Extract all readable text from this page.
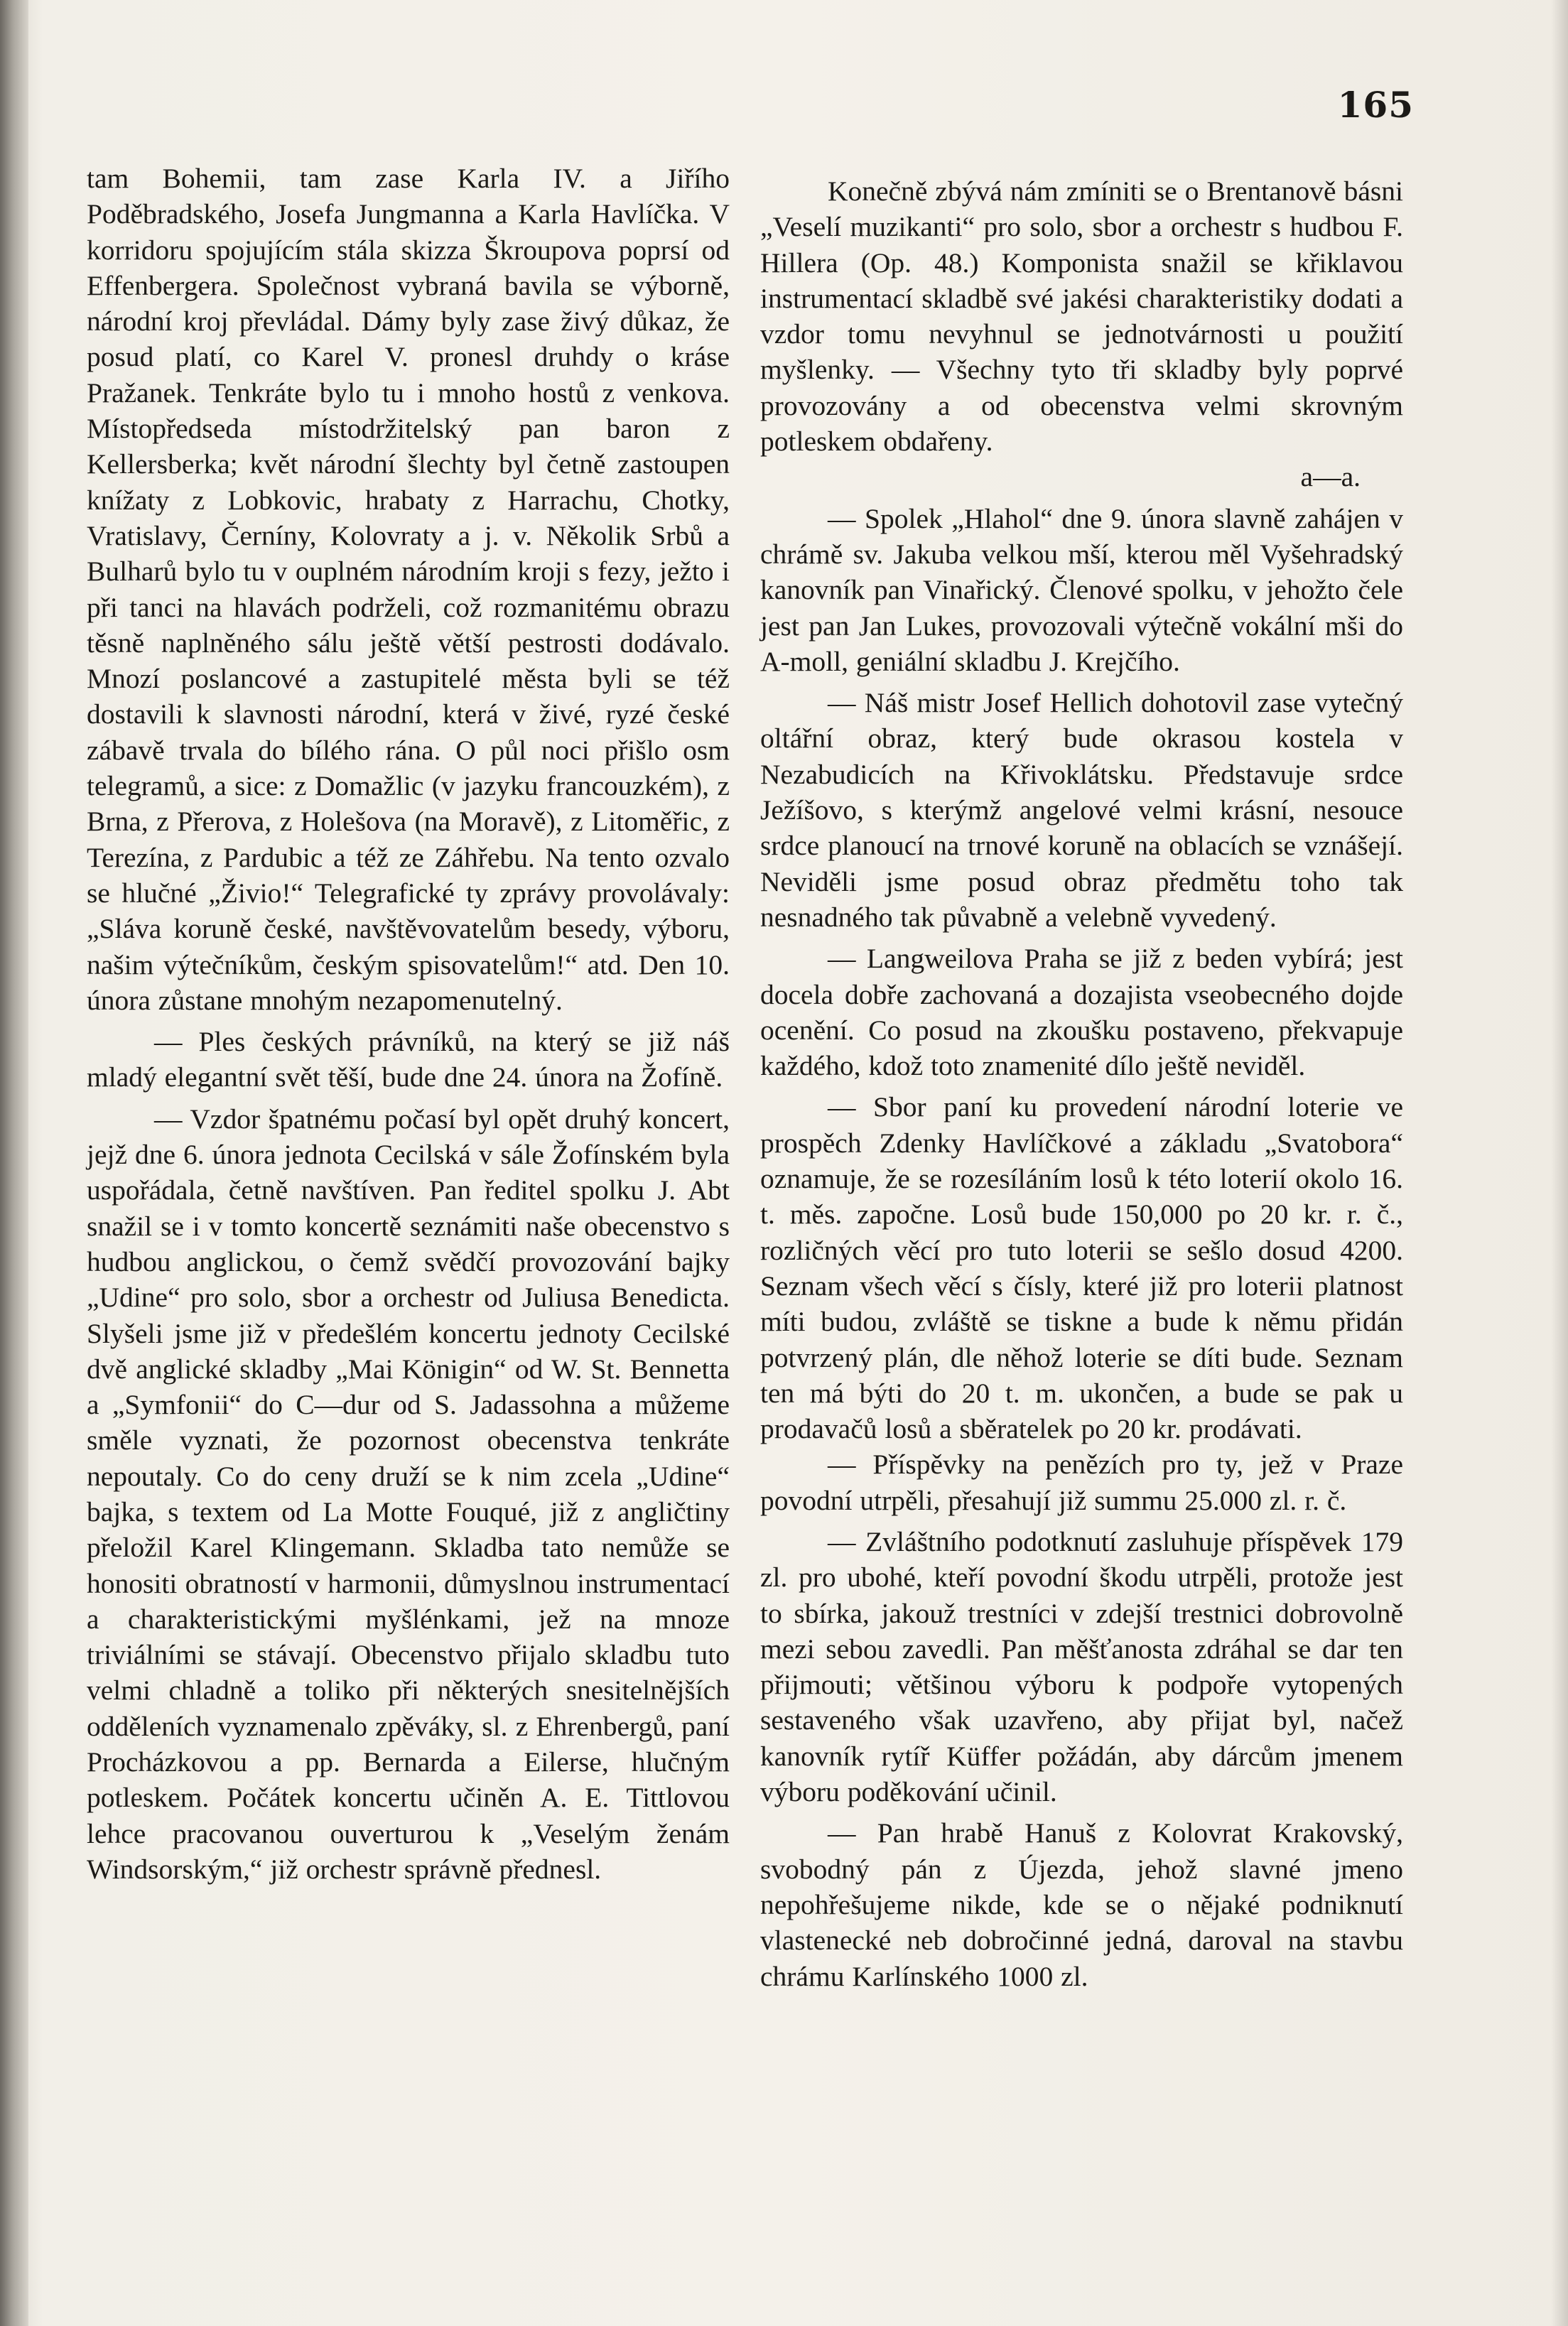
165

tam Bohemii, tam zase Karla IV. a Jiřího Poděbradského, Josefa Jungmanna a Karla Havlíčka. V korridoru spojujícím stála skizza Škroupova poprsí od Effenbergera. Společnost vybraná bavila se výborně, národní kroj převládal. Dámy byly zase živý důkaz, že posud platí, co Karel V. pronesl druhdy o kráse Pražanek. Tenkráte bylo tu i mnoho hostů z venkova. Místopředseda místodržitelský pan baron z Kellersberka; květ národní šlechty byl četně zastoupen knížaty z Lobkovic, hrabaty z Harrachu, Chotky, Vratislavy, Černíny, Kolovraty a j. v. Několik Srbů a Bulharů bylo tu v ouplném národním kroji s fezy, ježto i při tanci na hlavách podrželi, což rozmanitému obrazu těsně naplněného sálu ještě větší pestrosti dodávalo. Mnozí poslancové a zastupitelé města byli se též dostavili k slavnosti národní, která v živé, ryzé české zábavě trvala do bílého rána. O půl noci přišlo osm telegramů, a sice: z Domažlic (v jazyku francouzkém), z Brna, z Přerova, z Holešova (na Moravě), z Litoměřic, z Terezína, z Pardubic a též ze Záhřebu. Na tento ozvalo se hlučné „Živio!“ Telegrafické ty zprávy provolávaly: „Sláva koruně české, navštěvovatelům besedy, výboru, našim výtečníkům, českým spisovatelům!“ atd. Den 10. února zůstane mnohým nezapomenutelný.

— Ples českých právníků, na který se již náš mladý elegantní svět těší, bude dne 24. února na Žofíně.

— Vzdor špatnému počasí byl opět druhý koncert, jejž dne 6. února jednota Cecilská v sále Žofínském byla uspořádala, četně navštíven. Pan ředitel spolku J. Abt snažil se i v tomto koncertě seznámiti naše obecenstvo s hudbou anglickou, o čemž svědčí provozování bajky „Udine“ pro solo, sbor a orchestr od Juliusa Benedicta. Slyšeli jsme již v předešlém koncertu jednoty Cecilské dvě anglické skladby „Mai Königin“ od W. St. Bennetta a „Symfonii“ do C—dur od S. Jadassohna a můžeme směle vyznati, že pozornost obecenstva tenkráte nepoutaly. Co do ceny druží se k nim zcela „Udine“ bajka, s textem od La Motte Fouqué, již z angličtiny přeložil Karel Klingemann. Skladba tato nemůže se honositi obratností v harmonii, důmyslnou instrumentací a charakteristickými myšlénkami, jež na mnoze triviálními se stávají. Obecenstvo přijalo skladbu tuto velmi chladně a toliko při některých snesitelnějších odděleních vyznamenalo zpěváky, sl. z Ehrenbergů, paní Procházkovou a pp. Bernarda a Eilerse, hlučným potleskem. Počátek koncertu učiněn A. E. Tittlovou lehce pracovanou ouverturou k „Veselým ženám Windsorským,“ již orchestr správně přednesl.

Konečně zbývá nám zmíniti se o Brentanově básni „Veselí muzikanti“ pro solo, sbor a orchestr s hudbou F. Hillera (Op. 48.) Komponista snažil se křiklavou instrumentací skladbě své jakési charakteristiky dodati a vzdor tomu nevyhnul se jednotvárnosti u použití myšlenky. — Všechny tyto tři skladby byly poprvé provozovány a od obecenstva velmi skrovným potleskem obdařeny.

a—a.

— Spolek „Hlahol“ dne 9. února slavně zahájen v chrámě sv. Jakuba velkou mší, kterou měl Vyšehradský kanovník pan Vinařický. Členové spolku, v jehožto čele jest pan Jan Lukes, provozovali výtečně vokální mši do A-moll, geniální skladbu J. Krejčího.

— Náš mistr Josef Hellich dohotovil zase vytečný oltářní obraz, který bude okrasou kostela v Nezabudicích na Křivoklátsku. Představuje srdce Ježíšovo, s kterýmž angelové velmi krásní, nesouce srdce planoucí na trnové koruně na oblacích se vznášejí. Neviděli jsme posud obraz předmětu toho tak nesnadného tak půvabně a velebně vyvedený.

— Langweilova Praha se již z beden vybírá; jest docela dobře zachovaná a dozajista vseobecného dojde ocenění. Co posud na zkoušku postaveno, překvapuje každého, kdož toto znamenité dílo ještě neviděl.

— Sbor paní ku provedení národní loterie ve prospěch Zdenky Havlíčkové a základu „Svatobora“ oznamuje, že se rozesíláním losů k této loterií okolo 16. t. měs. započne. Losů bude 150,000 po 20 kr. r. č., rozličných věcí pro tuto loterii se sešlo dosud 4200. Seznam všech věcí s čísly, které již pro loterii platnost míti budou, zvláště se tiskne a bude k němu přidán potvrzený plán, dle něhož loterie se díti bude. Seznam ten má býti do 20 t. m. ukončen, a bude se pak u prodavačů losů a sběratelek po 20 kr. prodávati.

— Příspěvky na penězích pro ty, jež v Praze povodní utrpěli, přesahují již summu 25.000 zl. r. č.

— Zvláštního podotknutí zasluhuje příspěvek 179 zl. pro ubohé, kteří povodní škodu utrpěli, protože jest to sbírka, jakouž trestníci v zdejší trestnici dobrovolně mezi sebou zavedli. Pan měšťanosta zdráhal se dar ten přijmouti; většinou výboru k podpoře vytopených sestaveného však uzavřeno, aby přijat byl, načež kanovník rytíř Küffer požádán, aby dárcům jmenem výboru poděkování učinil.

— Pan hrabě Hanuš z Kolovrat Krakovský, svobodný pán z Újezda, jehož slavné jmeno nepohřešujeme nikde, kde se o nějaké podniknutí vlastenecké neb dobročinné jedná, daroval na stavbu chrámu Karlínského 1000 zl.
